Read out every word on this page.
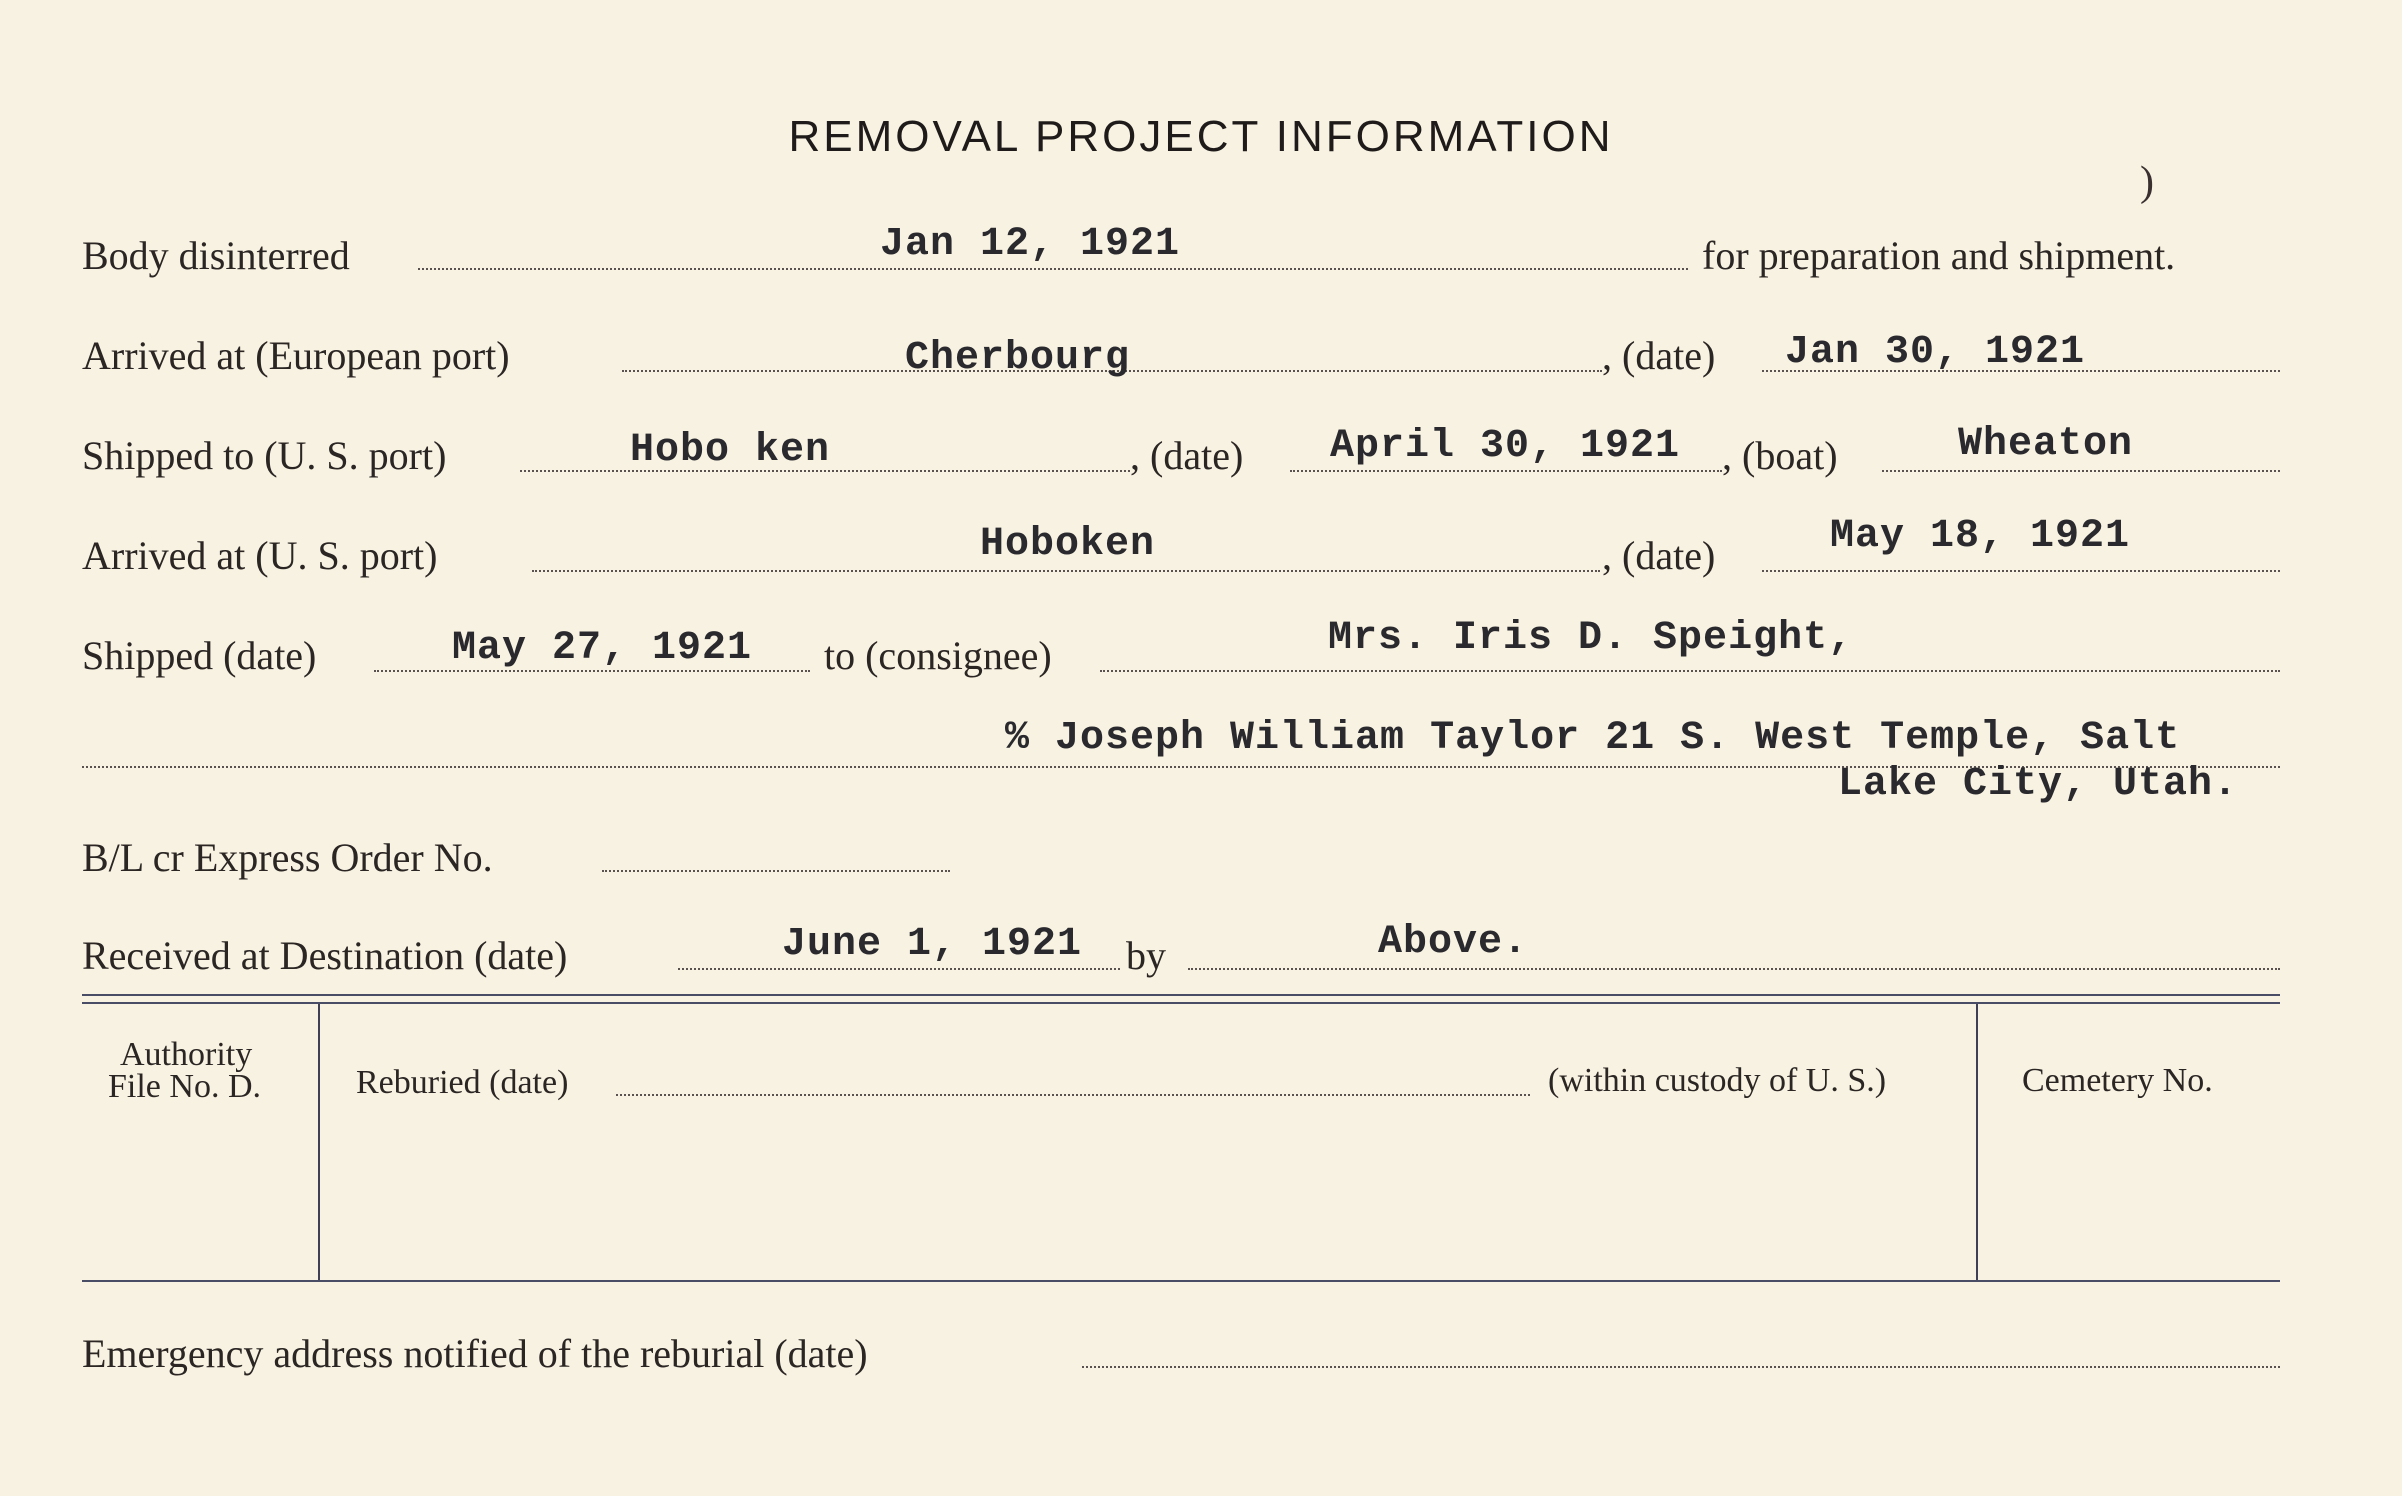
REMOVAL PROJECT INFORMATION
)
Body disinterred	Jan 12, 1921	for preparation and shipment.
Arrived at (European port)	Cherbourg	, (date) Jan 30, 1921
Shipped to (U. S. port)	Hobo ken	, (date) April 30, 1921 , (boat)	Wheaton
Arrived at (U. S. port)	Hoboken	, (date)	May 18, 1921
Shipped (date)	May 27, 1921 to (consignee)	Mrs. Iris D. Speight,
% Joseph William Taylor 21 S. West Temple, Salt
Lake City, Utah.
B/L cr Express Order No.
Received at Destination (date)	June 1, 1921 by	Above.
Authority
File No. D.	Reburied (date)	(within custody of U. S.)	Cemetery No.
Emergency address notified of the reburial (date)
